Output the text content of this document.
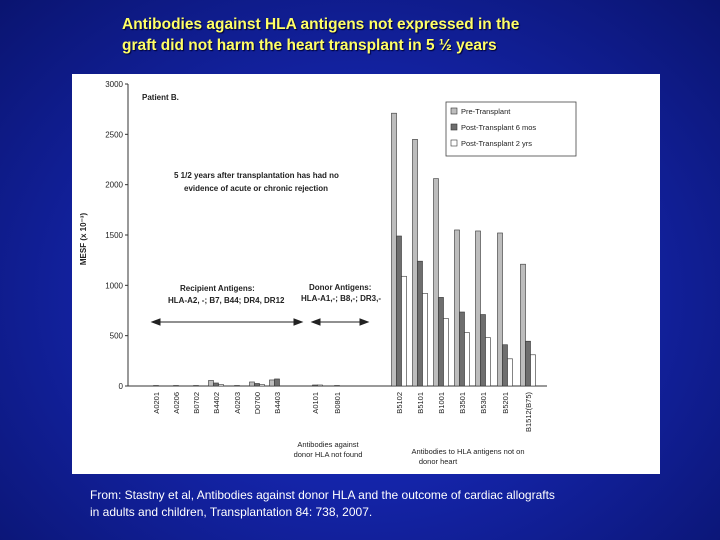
Antibodies against HLA antigens not expressed in the
graft did not harm the heart transplant in 5 ½ years
0
500
1000
1500
2000
2500
3000
MESF (x 10⁻³)
A0201 A0206 B0702 B4402 A0203 D0700 B4403	A0101 B0801	B5102 B5101 B1001 B3501 B5301 B5201 B1512(B75)
Pre-Transplant
Post-Transplant 6 mos
Post-Transplant 2 yrs
Patient B.
5 1/2 years after transplantation has had no
evidence of acute or chronic rejection
Recipient Antigens:
HLA-A2, -; B7, B44; DR4, DR12
Donor Antigens:
HLA-A1,-; B8,-; DR3,-
Antibodies against
donor HLA not found	Antibodies to HLA antigens not on
donor heart
From: Stastny et al, Antibodies against donor HLA and the outcome of cardiac allografts
in adults and children, Transplantation 84: 738, 2007.
